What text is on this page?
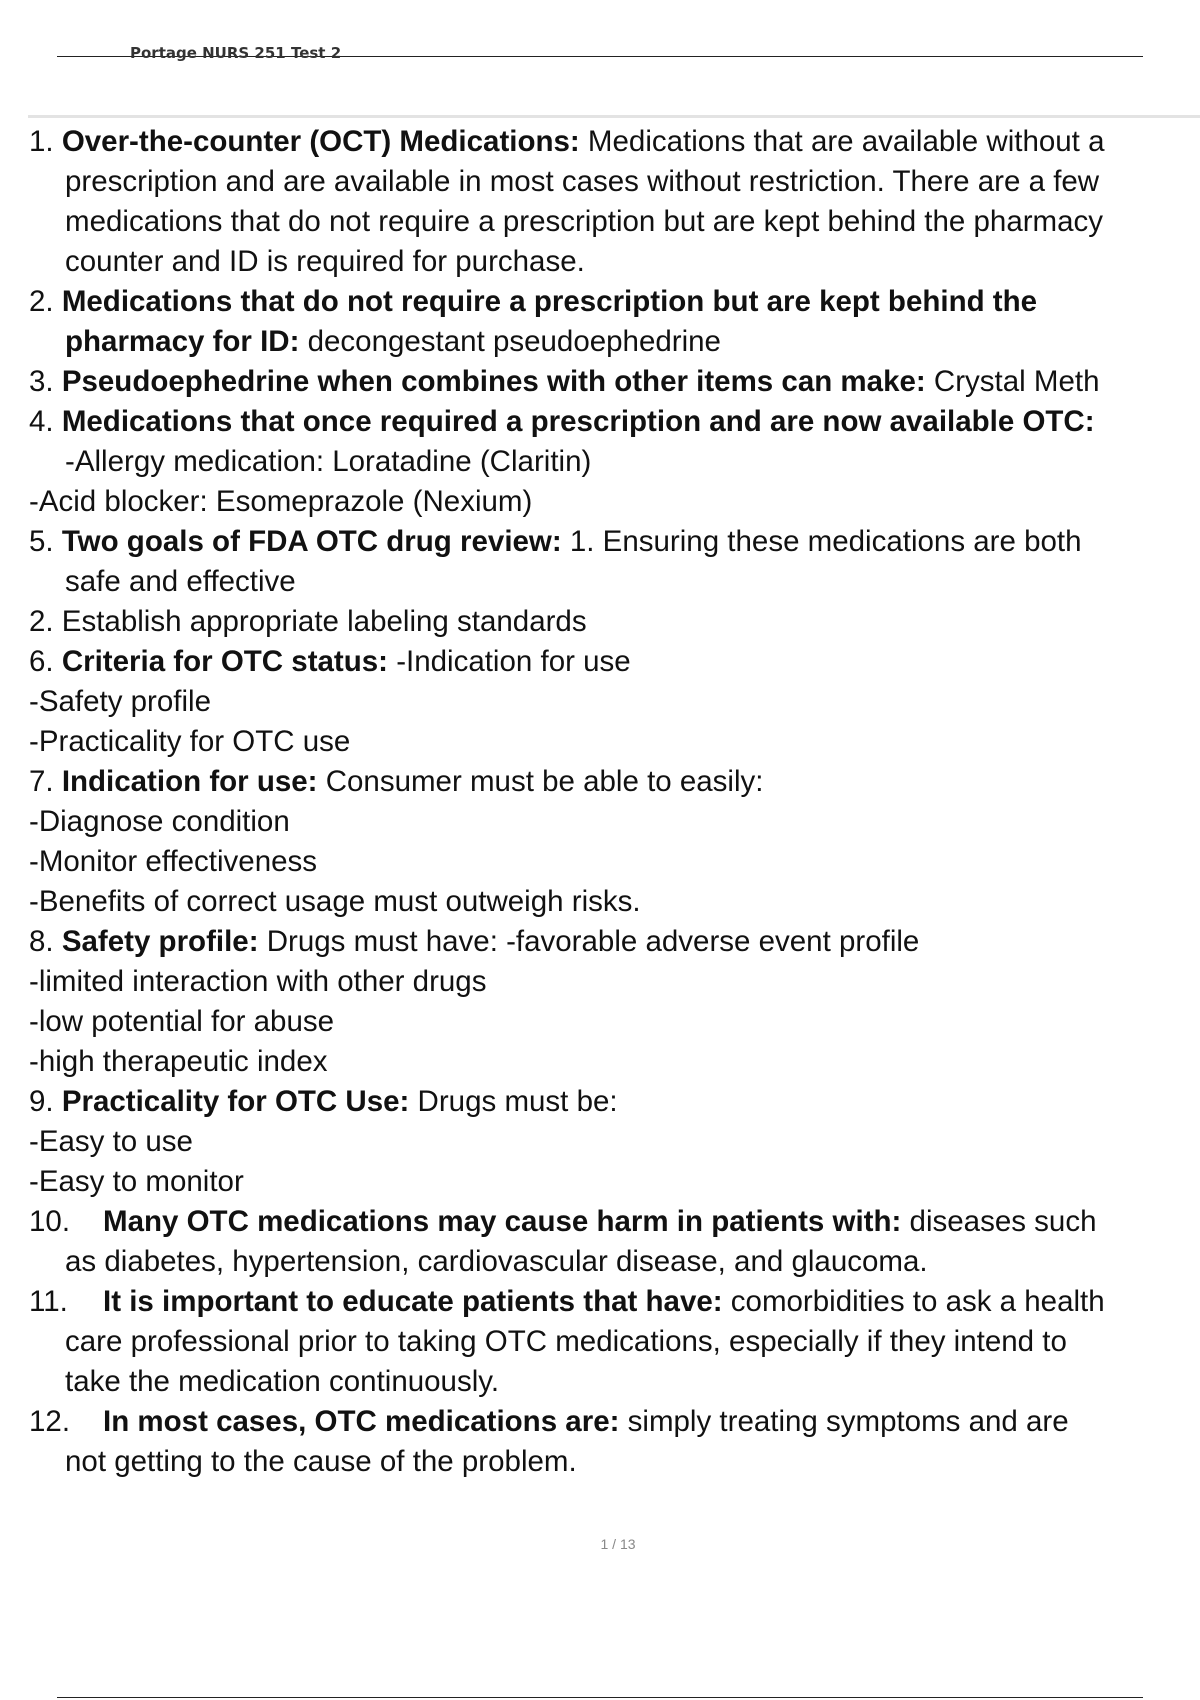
Portage NURS 251 Test 2
1. Over-the-counter (OCT) Medications: Medications that are available without a
prescription and are available in most cases without restriction. There are a few
medications that do not require a prescription but are kept behind the pharmacy
counter and ID is required for purchase.
2. Medications that do not require a prescription but are kept behind the
pharmacy for ID: decongestant pseudoephedrine
3. Pseudoephedrine when combines with other items can make: Crystal Meth
4. Medications that once required a prescription and are now available OTC:
-Allergy medication: Loratadine (Claritin)
-Acid blocker: Esomeprazole (Nexium)
5. Two goals of FDA OTC drug review: 1. Ensuring these medications are both
safe and effective
2. Establish appropriate labeling standards
6. Criteria for OTC status: -Indication for use
-Safety profile
-Practicality for OTC use
7. Indication for use: Consumer must be able to easily:
-Diagnose condition
-Monitor effectiveness
-Benefits of correct usage must outweigh risks.
8. Safety profile: Drugs must have: -favorable adverse event profile
-limited interaction with other drugs
-low potential for abuse
-high therapeutic index
9. Practicality for OTC Use: Drugs must be:
-Easy to use
-Easy to monitor
10. Many OTC medications may cause harm in patients with: diseases such
as diabetes, hypertension, cardiovascular disease, and glaucoma.
11. It is important to educate patients that have: comorbidities to ask a health
care professional prior to taking OTC medications, especially if they intend to
take the medication continuously.
12. In most cases, OTC medications are: simply treating symptoms and are
not getting to the cause of the problem.
1 / 13
